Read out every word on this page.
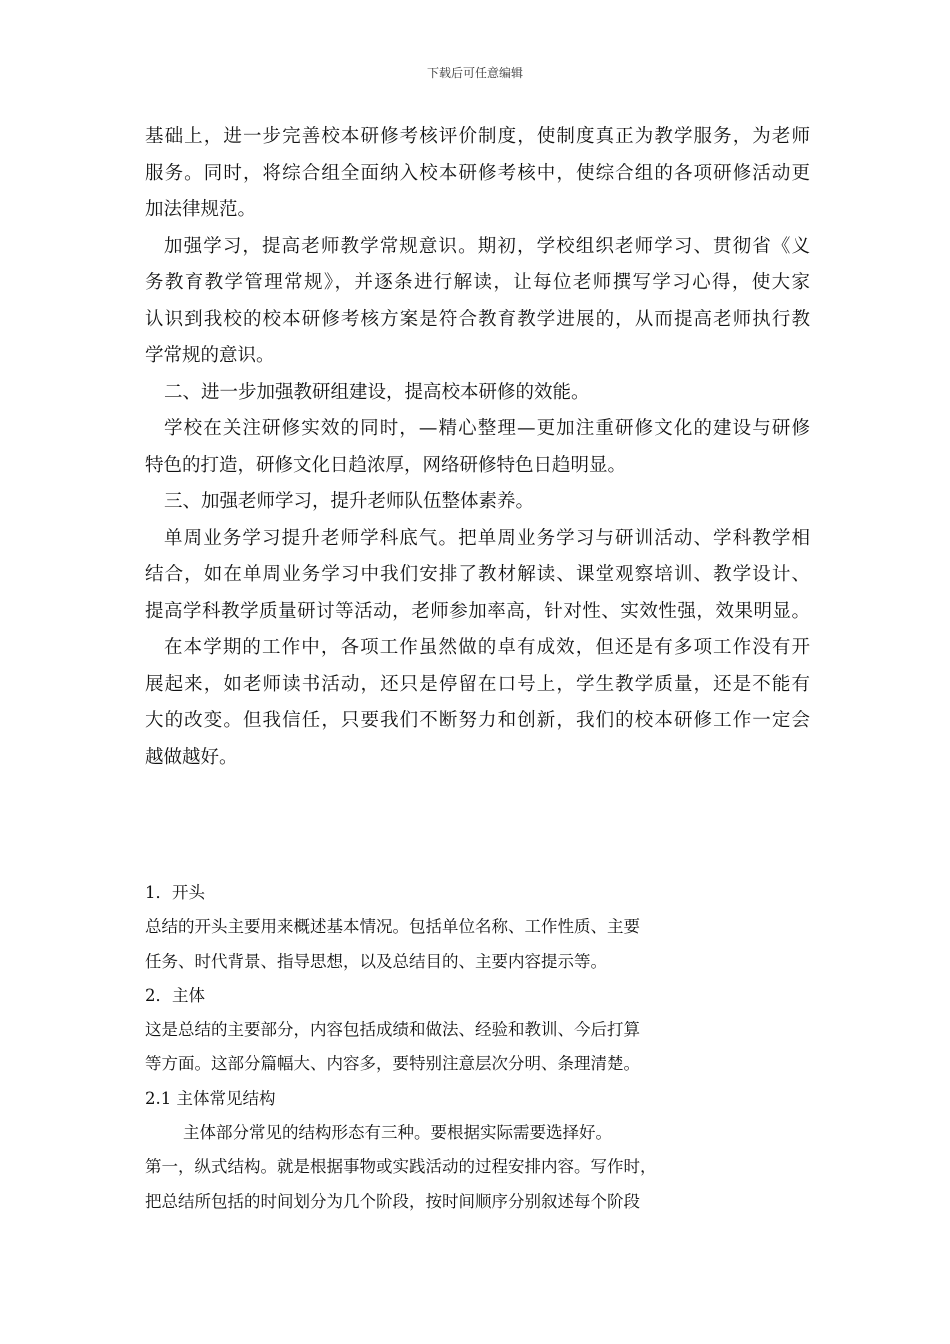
下载后可任意编辑
基础上，进一步完善校本研修考核评价制度，使制度真正为教学服务，为老师
服务。同时，将综合组全面纳入校本研修考核中，使综合组的各项研修活动更
加法律规范。
加强学习，提高老师教学常规意识。期初，学校组织老师学习、贯彻省《义
务教育教学管理常规》，并逐条进行解读，让每位老师撰写学习心得，使大家
认识到我校的校本研修考核方案是符合教育教学进展的，从而提高老师执行教
学常规的意识。
二、进一步加强教研组建设，提高校本研修的效能。
学校在关注研修实效的同时，—精心整理—更加注重研修文化的建设与研修
特色的打造，研修文化日趋浓厚，网络研修特色日趋明显。
三、加强老师学习，提升老师队伍整体素养。
单周业务学习提升老师学科底气。把单周业务学习与研训活动、学科教学相
结合，如在单周业务学习中我们安排了教材解读、课堂观察培训、教学设计、
提高学科教学质量研讨等活动，老师参加率高，针对性、实效性强，效果明显。
在本学期的工作中，各项工作虽然做的卓有成效，但还是有多项工作没有开
展起来，如老师读书活动，还只是停留在口号上，学生教学质量，还是不能有
大的改变。但我信任，只要我们不断努力和创新，我们的校本研修工作一定会
越做越好。
1．开头
总结的开头主要用来概述基本情况。包括单位名称、工作性质、主要
任务、时代背景、指导思想，以及总结目的、主要内容提示等。
2．主体
这是总结的主要部分，内容包括成绩和做法、经验和教训、今后打算
等方面。这部分篇幅大、内容多，要特别注意层次分明、条理清楚。
2.1 主体常见结构
主体部分常见的结构形态有三种。要根据实际需要选择好。
第一，纵式结构。就是根据事物或实践活动的过程安排内容。写作时，
把总结所包括的时间划分为几个阶段，按时间顺序分别叙述每个阶段
